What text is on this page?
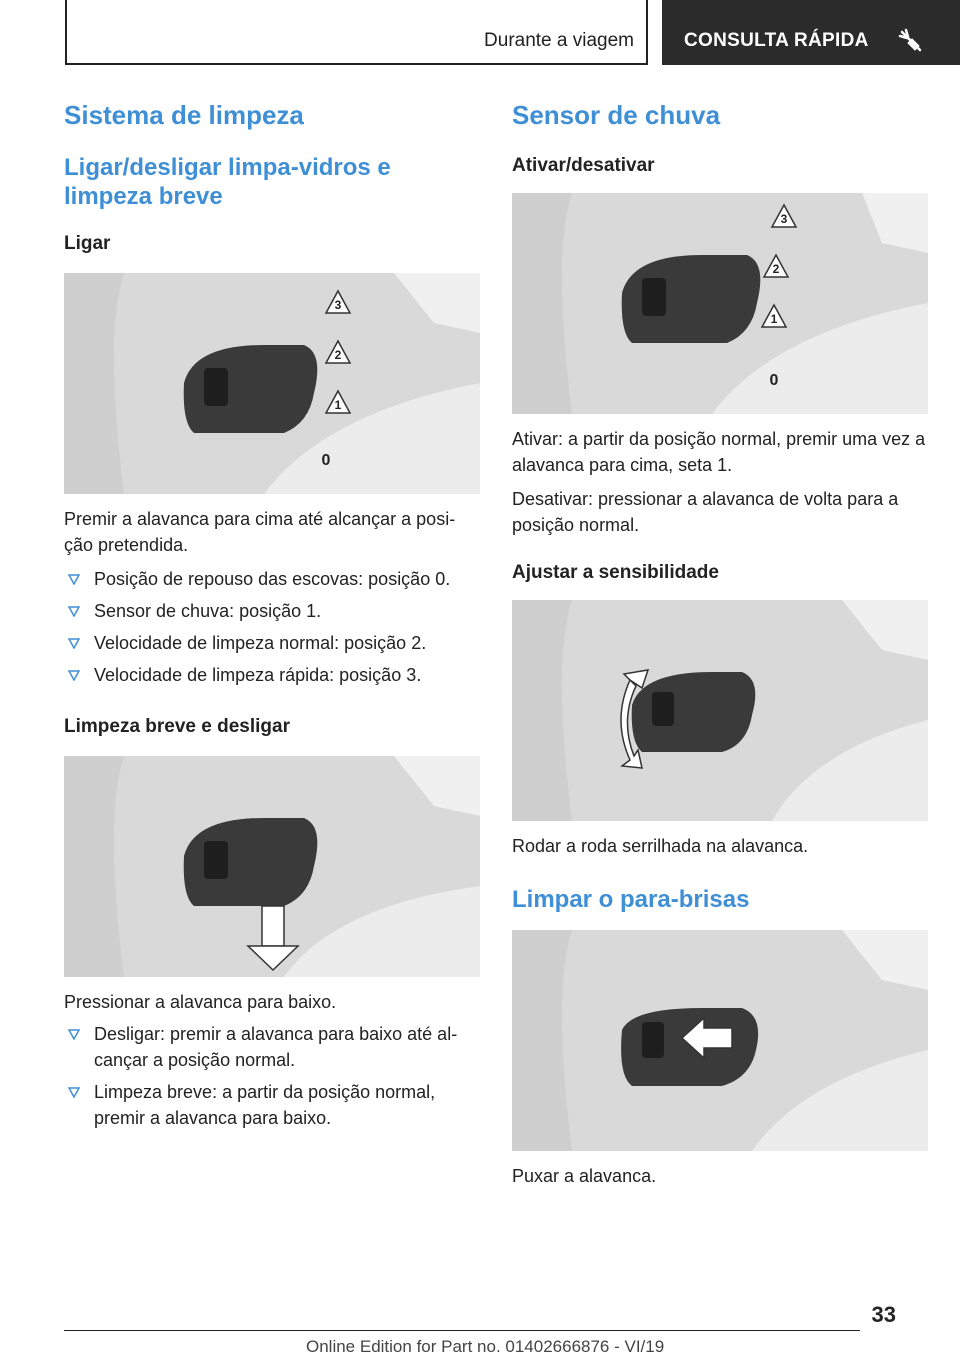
Durante a viagem	CONSULTA RÁPIDA
Sistema de limpeza
Ligar/desligar limpa-vidros e limpeza breve
Ligar
3
2
1
0

Premir a alavanca para cima até alcançar a posi-ção pretendida.

Posição de repouso das escovas: posição 0.
Sensor de chuva: posição 1.
Velocidade de limpeza normal: posição 2.
Velocidade de limpeza rápida: posição 3.
Limpeza breve e desligar

Pressionar a alavanca para baixo.

Desligar: premir a alavanca para baixo até al-cançar a posição normal.
Limpeza breve: a partir da posição normal, premir a alavanca para baixo.
Sensor de chuva
Ativar/desativar
3
2
1
0

Ativar: a partir da posição normal, premir uma vez a alavanca para cima, seta 1.

Desativar: pressionar a alavanca de volta para a posição normal.

Ajustar a sensibilidade

Rodar a roda serrilhada na alavanca.

Limpar o para-brisas

Puxar a alavanca.

33
Online Edition for Part no. 01402666876 - VI/19
